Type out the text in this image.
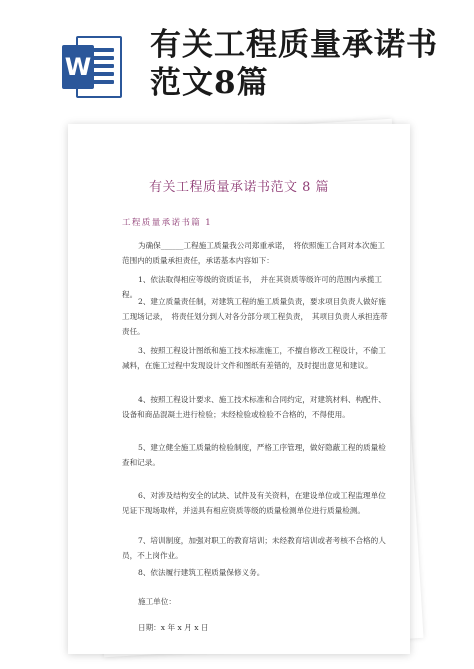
W
有关工程质量承诺书范文8篇
​
有关工程质量承诺书范文 8 篇
工程质量承诺书篇 1
为确保______工程施工质量我公司郑重承诺，　将依照施工合同对本次施工范围内的质量承担责任，承诺基本内容如下：
1、依法取得相应等级的资质证书，　并在其资质等级许可的范围内承揽工程。
2、建立质量责任制，对建筑工程的施工质量负责，要求项目负责人做好施工现场记录，　将责任划分到人对各分部分项工程负责，　其项目负责人承担连带责任。
3、按照工程设计图纸和施工技术标准施工，不擅自修改工程设计，不偷工减料，在施工过程中发现设计文件和图纸有差错的，及时提出意见和建议。
4、按照工程设计要求、施工技术标准和合同约定，对建筑材料、构配件、设备和商品混凝土进行检验；未经检验或检验不合格的，不得使用。
5、建立健全施工质量的检验制度，严格工序管理，做好隐蔽工程的质量检查和记录。
6、对涉及结构安全的试块、试件及有关资料，在建设单位或工程监理单位见证下现场取样，并送具有相应资质等级的质量检测单位进行质量检测。
7、培训制度，加强对职工的教育培训；未经教育培训或者考核不合格的人员，不上岗作业。
8、依法履行建筑工程质量保修义务。
施工单位：
日期：x 年 x 月 x 日
